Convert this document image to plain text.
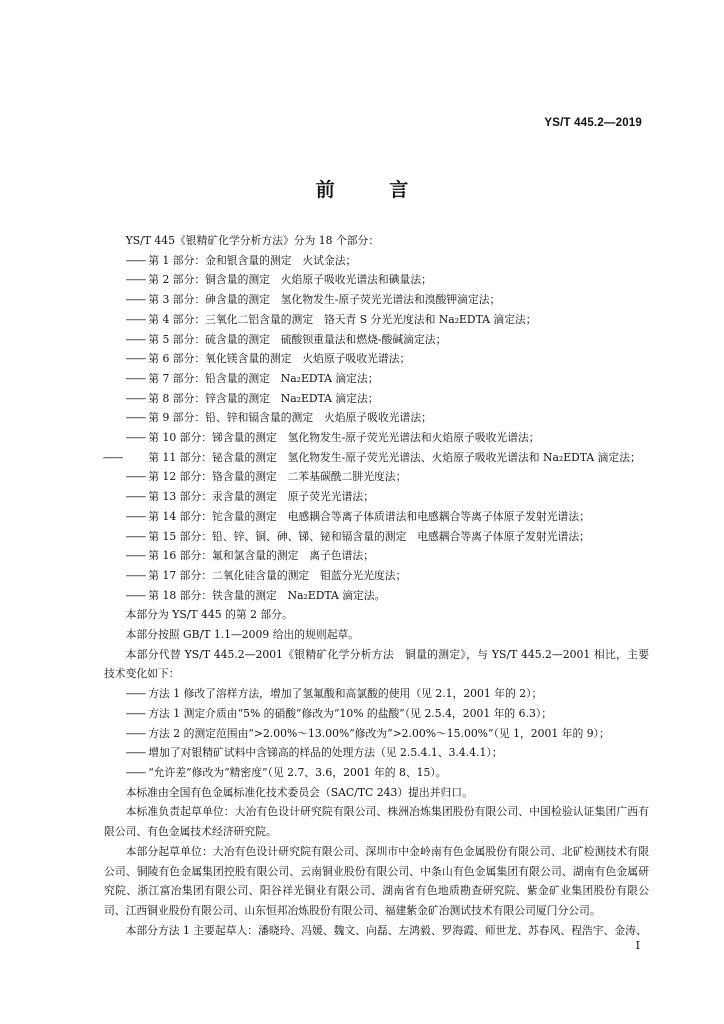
YS/T 445.2—2019
前 言

YS/T 445《银精矿化学分析方法》分为 18 个部分：

—— 第 1 部分：金和银含量的测定　火试金法；

—— 第 2 部分：铜含量的测定　火焰原子吸收光谱法和碘量法；

—— 第 3 部分：砷含量的测定　氢化物发生-原子荧光光谱法和溴酸钾滴定法；

—— 第 4 部分：三氧化二铝含量的测定　铬天青 S 分光光度法和 Na₂EDTA 滴定法；

—— 第 5 部分：硫含量的测定　硫酸钡重量法和燃烧-酸碱滴定法；

—— 第 6 部分：氧化镁含量的测定　火焰原子吸收光谱法；

—— 第 7 部分：铅含量的测定　Na₂EDTA 滴定法；

—— 第 8 部分：锌含量的测定　Na₂EDTA 滴定法；

—— 第 9 部分：铅、锌和镉含量的测定　火焰原子吸收光谱法；

—— 第 10 部分：锑含量的测定　氢化物发生-原子荧光光谱法和火焰原子吸收光谱法；

—— 第 11 部分：铋含量的测定　氢化物发生-原子荧光光谱法、火焰原子吸收光谱法和 Na₂EDTA 滴定法；

—— 第 12 部分：铬含量的测定　二苯基碳酰二肼光度法；

—— 第 13 部分：汞含量的测定　原子荧光光谱法；

—— 第 14 部分：铊含量的测定　电感耦合等离子体质谱法和电感耦合等离子体原子发射光谱法；

—— 第 15 部分：铅、锌、铜、砷、锑、铋和镉含量的测定　电感耦合等离子体原子发射光谱法；

—— 第 16 部分：氟和氯含量的测定　离子色谱法；

—— 第 17 部分：二氧化硅含量的测定　钼蓝分光光度法；

—— 第 18 部分：铁含量的测定　Na₂EDTA 滴定法。

本部分为 YS/T 445 的第 2 部分。

本部分按照 GB/T 1.1—2009 给出的规则起草。

本部分代替 YS/T 445.2—2001《银精矿化学分析方法　铜量的测定》，与 YS/T 445.2—2001 相比，主要技术变化如下：

—— 方法 1 修改了溶样方法，增加了氢氟酸和高氯酸的使用（见 2.1，2001 年的 2）；

—— 方法 1 测定介质由“5% 的硝酸”修改为“10% 的盐酸”（见 2.5.4，2001 年的 6.3）；

—— 方法 2 的测定范围由“>2.00%～13.00%”修改为“>2.00%～15.00%”（见 1，2001 年的 9）；

—— 增加了对银精矿试料中含锑高的样品的处理方法（见 2.5.4.1、3.4.4.1）；

—— “允许差”修改为“精密度”（见 2.7、3.6，2001 年的 8、15）。

本标准由全国有色金属标准化技术委员会（SAC/TC 243）提出并归口。

本标准负责起草单位：大冶有色设计研究院有限公司、株洲冶炼集团股份有限公司、中国检验认证集团广西有限公司、有色金属技术经济研究院。

本部分起草单位：大冶有色设计研究院有限公司、深圳市中金岭南有色金属股份有限公司、北矿检测技术有限公司、铜陵有色金属集团控股有限公司、云南铜业股份有限公司、中条山有色金属集团有限公司、湖南有色金属研究院、浙江富冶集团有限公司、阳谷祥光铜业有限公司、湖南省有色地质勘查研究院、紫金矿业集团股份有限公司、江西铜业股份有限公司、山东恒邦冶炼股份有限公司、福建紫金矿冶测试技术有限公司厦门分公司。

本部分方法 1 主要起草人：潘晓玲、冯媛、魏文、向磊、左鸿毅、罗海霞、师世龙、苏春风、程浩宇、金涛、

I
